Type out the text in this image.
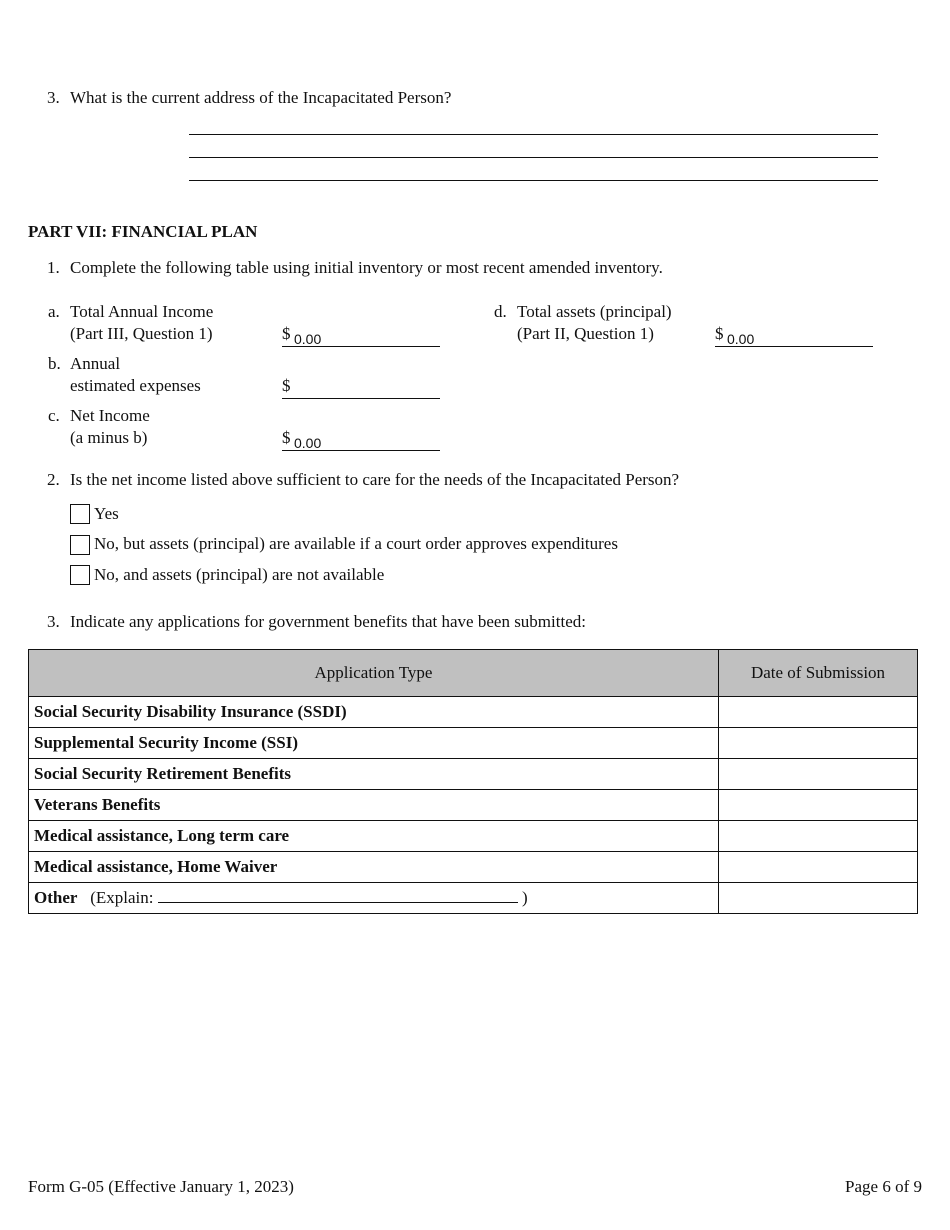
3. What is the current address of the Incapacitated Person?
PART VII: FINANCIAL PLAN
1. Complete the following table using initial inventory or most recent amended inventory.
a. Total Annual Income
(Part III, Question 1)	$ 0.00
b. Annual
estimated expenses	$
c. Net Income
(a minus b)	$ 0.00
d. Total assets (principal)
(Part II, Question 1)	$ 0.00
2. Is the net income listed above sufficient to care for the needs of the Incapacitated Person?
Yes
No, but assets (principal) are available if a court order approves expenditures
No, and assets (principal) are not available
3. Indicate any applications for government benefits that have been submitted:
Application Type	Date of Submission
Social Security Disability Insurance (SSDI)	
Supplemental Security Income (SSI)	
Social Security Retirement Benefits	
Veterans Benefits	
Medical assistance, Long term care	
Medical assistance, Home Waiver	
Other (Explain: )	
Form G-05 (Effective January 1, 2023)	Page 6 of 9
